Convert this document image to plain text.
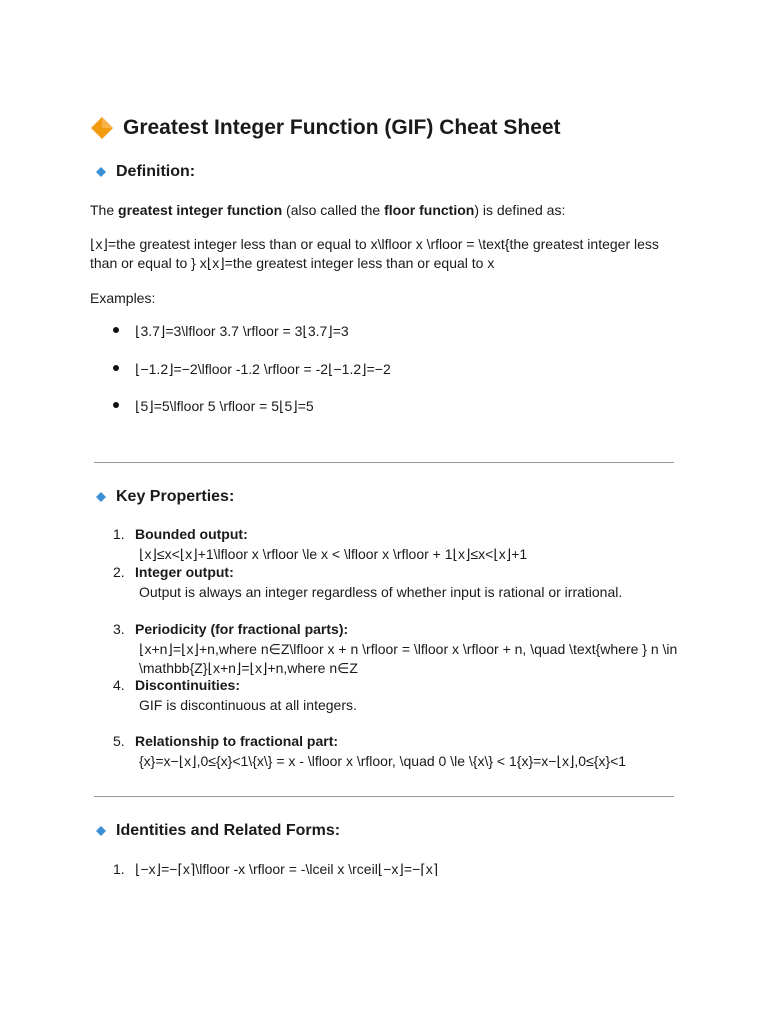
Greatest Integer Function (GIF) Cheat Sheet
Definition:
The greatest integer function (also called the floor function) is defined as:
⌊x⌋=the greatest integer less than or equal to x\lfloor x \rfloor = \text{the greatest integer less than or equal to } x⌊x⌋=the greatest integer less than or equal to x
Examples:
⌊3.7⌋=3\lfloor 3.7 \rfloor = 3⌊3.7⌋=3
⌊−1.2⌋=−2\lfloor -1.2 \rfloor = -2⌊−1.2⌋=−2
⌊5⌋=5\lfloor 5 \rfloor = 5⌊5⌋=5
Key Properties:
1. Bounded output:
⌊x⌋≤x<⌊x⌋+1\lfloor x \rfloor \le x < \lfloor x \rfloor + 1⌊x⌋≤x<⌊x⌋+1
2. Integer output:
Output is always an integer regardless of whether input is rational or irrational.
3. Periodicity (for fractional parts):
⌊x+n⌋=⌊x⌋+n,where n∈Z\lfloor x + n \rfloor = \lfloor x \rfloor + n, \quad \text{where } n \in \mathbb{Z}⌊x+n⌋=⌊x⌋+n,where n∈Z
4. Discontinuities:
GIF is discontinuous at all integers.
5. Relationship to fractional part:
{x}=x−⌊x⌋,0≤{x}<1\{x\} = x - \lfloor x \rfloor, \quad 0 \le \{x\} < 1{x}=x−⌊x⌋,0≤{x}<1
Identities and Related Forms:
1. ⌊−x⌋=−⌈x⌉\lfloor -x \rfloor = -\lceil x \rceil⌊−x⌋=−⌈x⌉
